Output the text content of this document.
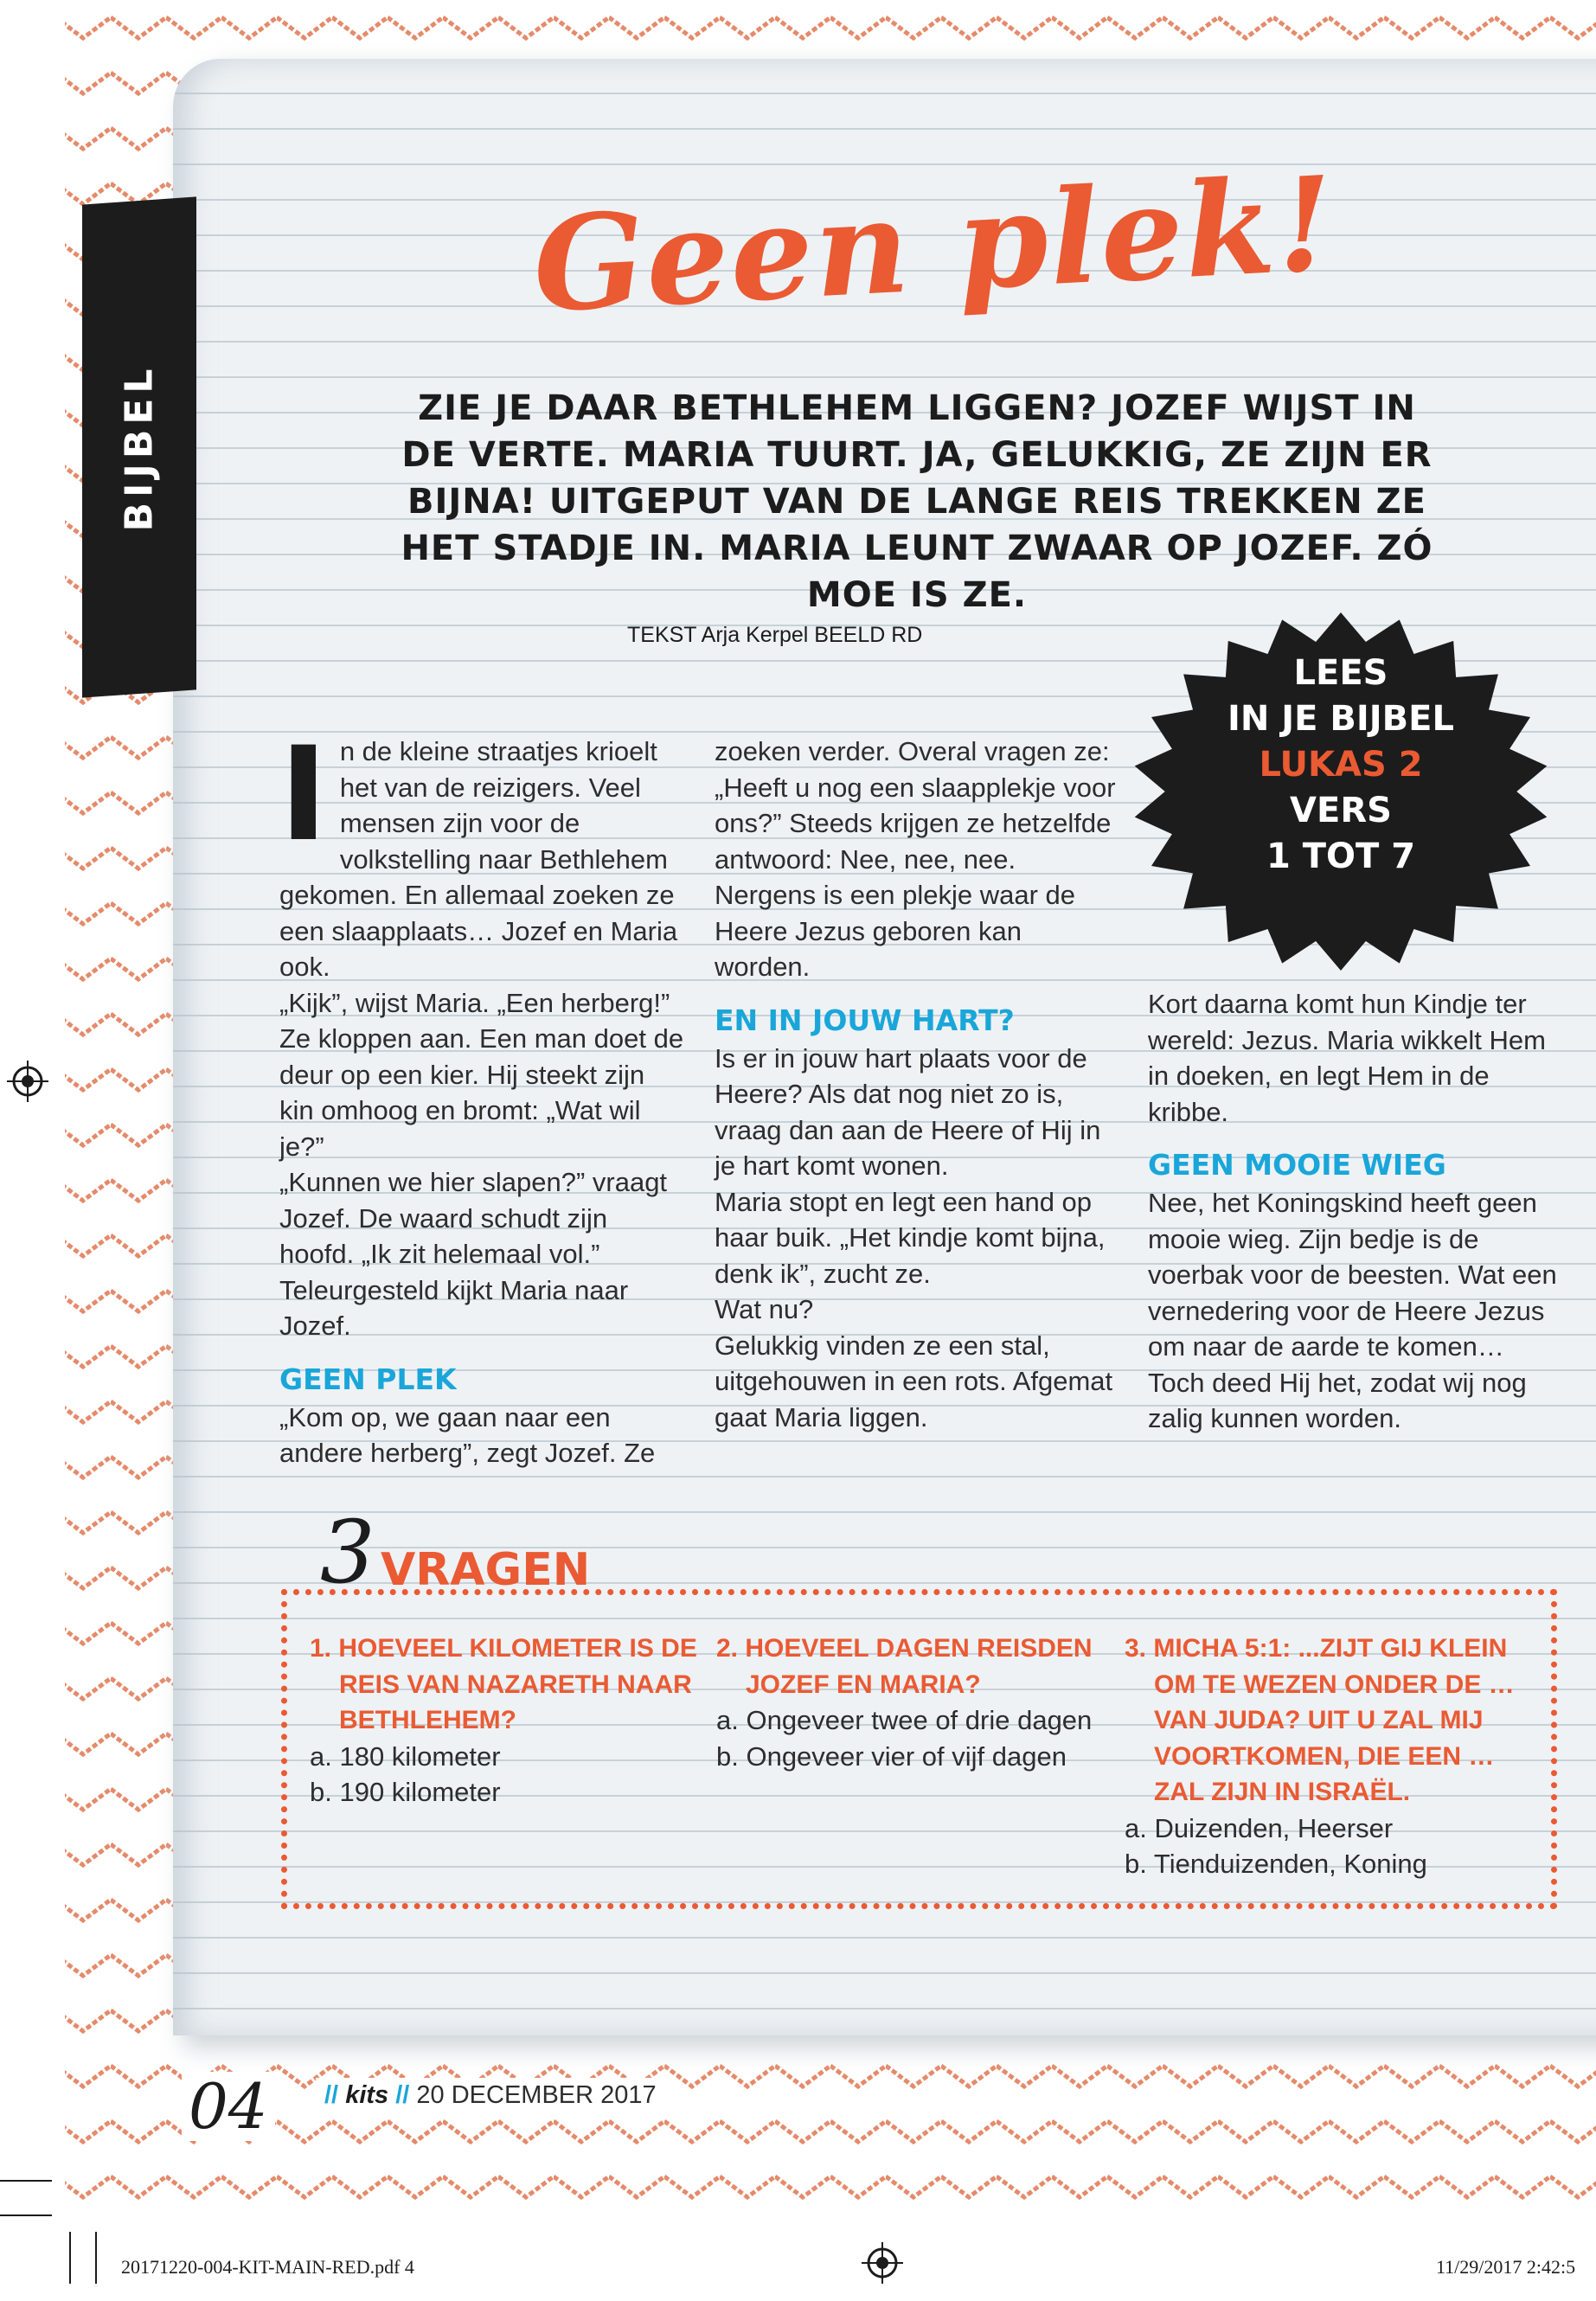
BIJBEL
Geen plek!
ZIE JE DAAR BETHLEHEM LIGGEN? JOZEF WIJST IN DE VERTE. MARIA TUURT. JA, GELUKKIG, ZE ZIJN ER BIJNA! UITGEPUT VAN DE LANGE REIS TREKKEN ZE HET STADJE IN. MARIA LEUNT ZWAAR OP JOZEF. ZÓ MOE IS ZE.
TEKST Arja Kerpel BEELD RD
LEES
IN JE BIJBEL
LUKAS 2
VERS
1 TOT 7
I n de kleine straatjes krioelt het van de reizigers. Veel mensen zijn voor de volkstelling naar Bethlehem gekomen. En allemaal zoeken ze een slaapplaats… Jozef en Maria ook.

„Kijk”, wijst Maria. „Een herberg!” Ze kloppen aan. Een man doet de deur op een kier. Hij steekt zijn kin omhoog en bromt: „Wat wil je?”

„Kunnen we hier slapen?” vraagt Jozef. De waard schudt zijn hoofd. „Ik zit helemaal vol.” Teleurgesteld kijkt Maria naar Jozef.

GEEN PLEK

„Kom op, we gaan naar een andere herberg”, zegt Jozef. Ze

zoeken verder. Overal vragen ze: „Heeft u nog een slaapplekje voor ons?” Steeds krijgen ze hetzelfde antwoord: Nee, nee, nee. Nergens is een plekje waar de Heere Jezus geboren kan worden.

EN IN JOUW HART?

Is er in jouw hart plaats voor de Heere? Als dat nog niet zo is, vraag dan aan de Heere of Hij in je hart komt wonen.

Maria stopt en legt een hand op haar buik. „Het kindje komt bijna, denk ik”, zucht ze.

Wat nu?

Gelukkig vinden ze een stal, uitgehouwen in een rots. Afgemat gaat Maria liggen.

Kort daarna komt hun Kindje ter wereld: Jezus. Maria wikkelt Hem in doeken, en legt Hem in de kribbe.

GEEN MOOIE WIEG

Nee, het Koningskind heeft geen mooie wieg. Zijn bedje is de voerbak voor de beesten. Wat een vernedering voor de Heere Jezus om naar de aarde te komen… Toch deed Hij het, zodat wij nog zalig kunnen worden.

3 VRAGEN

1. HOEVEEL KILOMETER IS DE REIS VAN NAZARETH NAAR BETHLEHEM?

a. 180 kilometer

b. 190 kilometer

2. HOEVEEL DAGEN REISDEN JOZEF EN MARIA?

a. Ongeveer twee of drie dagen

b. Ongeveer vier of vijf dagen

3. MICHA 5:1: ...ZIJT GIJ KLEIN OM TE WEZEN ONDER DE … VAN JUDA? UIT U ZAL MIJ VOORTKOMEN, DIE EEN … ZAL ZIJN IN ISRAËL.

a. Duizenden, Heerser

b. Tienduizenden, Koning

04	// kits // 20 DECEMBER 2017
20171220-004-KIT-MAIN-RED.pdf 4	11/29/2017 2:42:5
